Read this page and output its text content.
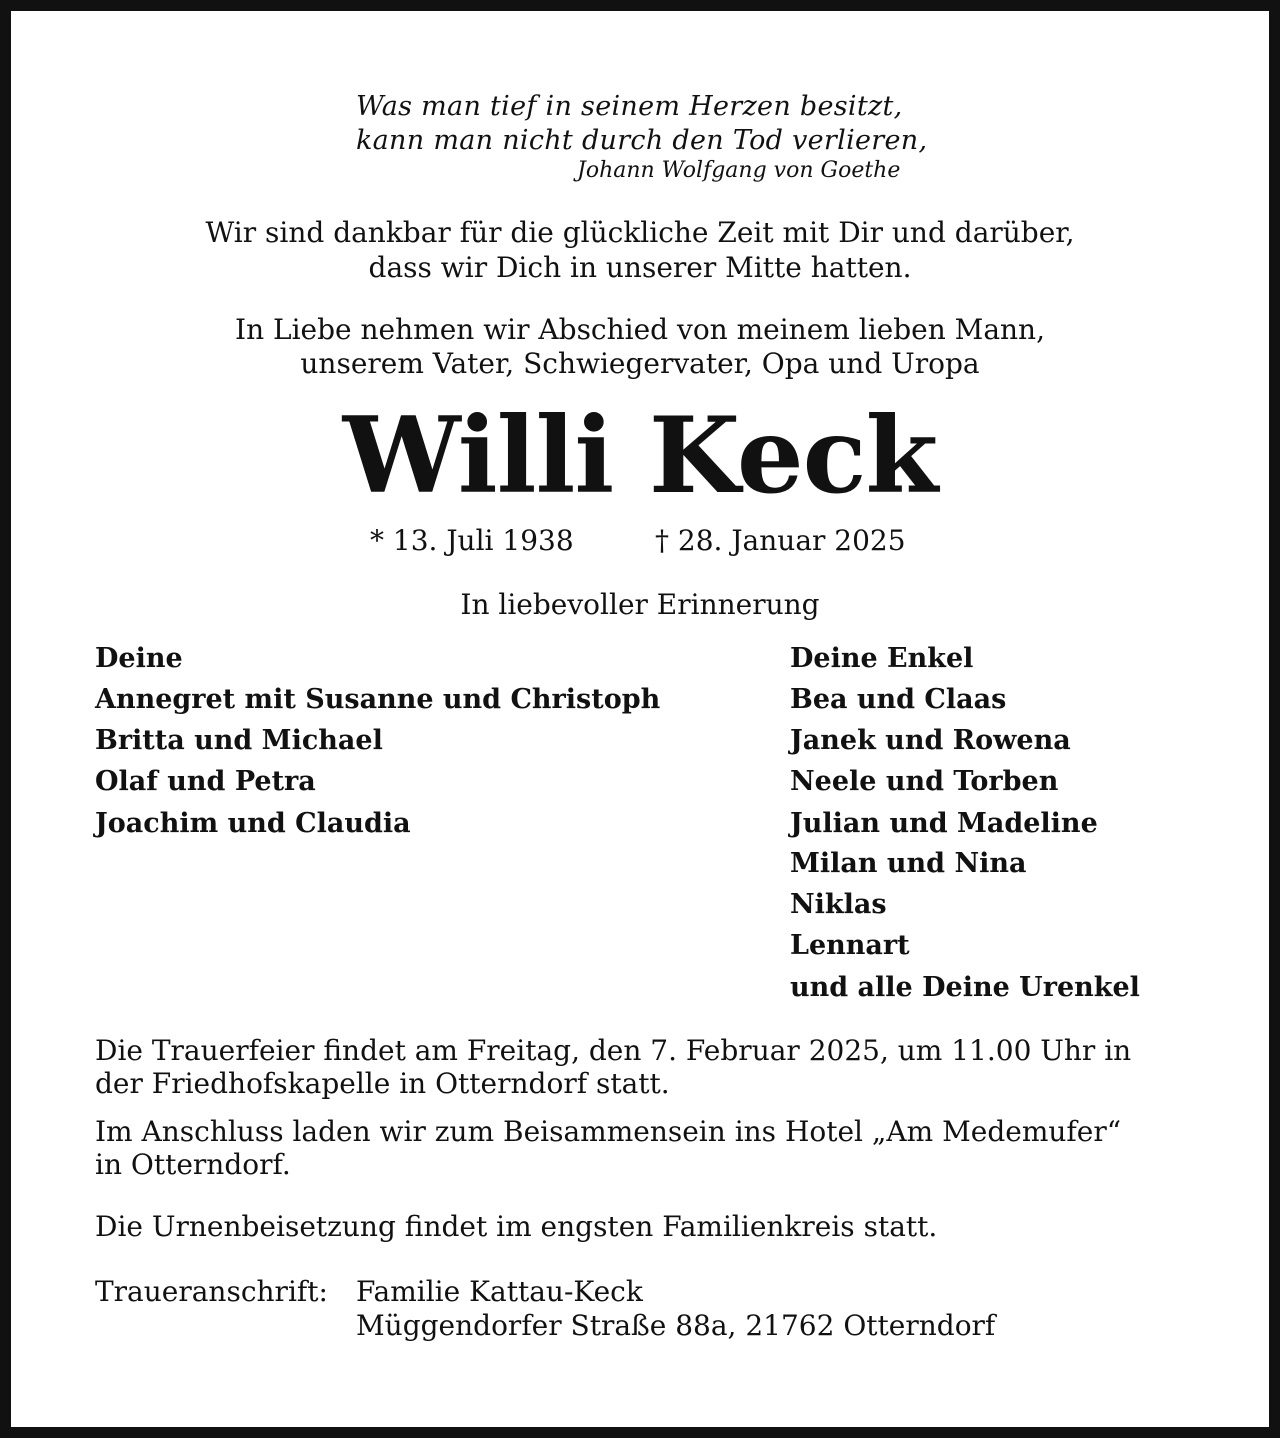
Was man tief in seinem Herzen besitzt,
kann man nicht durch den Tod verlieren,
Johann Wolfgang von Goethe
Wir sind dankbar für die glückliche Zeit mit Dir und darüber,
dass wir Dich in unserer Mitte hatten.
In Liebe nehmen wir Abschied von meinem lieben Mann,
unserem Vater, Schwiegervater, Opa und Uropa
Willi Keck
* 13. Juli 1938	† 28. Januar 2025
In liebevoller Erinnerung
Deine
Annegret mit Susanne und Christoph
Britta und Michael
Olaf und Petra
Joachim und Claudia
Deine Enkel
Bea und Claas
Janek und Rowena
Neele und Torben
Julian und Madeline
Milan und Nina
Niklas
Lennart
und alle Deine Urenkel
Die Trauerfeier findet am Freitag, den 7. Februar 2025, um 11.00 Uhr in
der Friedhofskapelle in Otterndorf statt.
Im Anschluss laden wir zum Beisammensein ins Hotel „Am Medemufer“
in Otterndorf.
Die Urnenbeisetzung findet im engsten Familienkreis statt.
Traueranschrift: Familie Kattau-Keck
Müggendorfer Straße 88a, 21762 Otterndorf
